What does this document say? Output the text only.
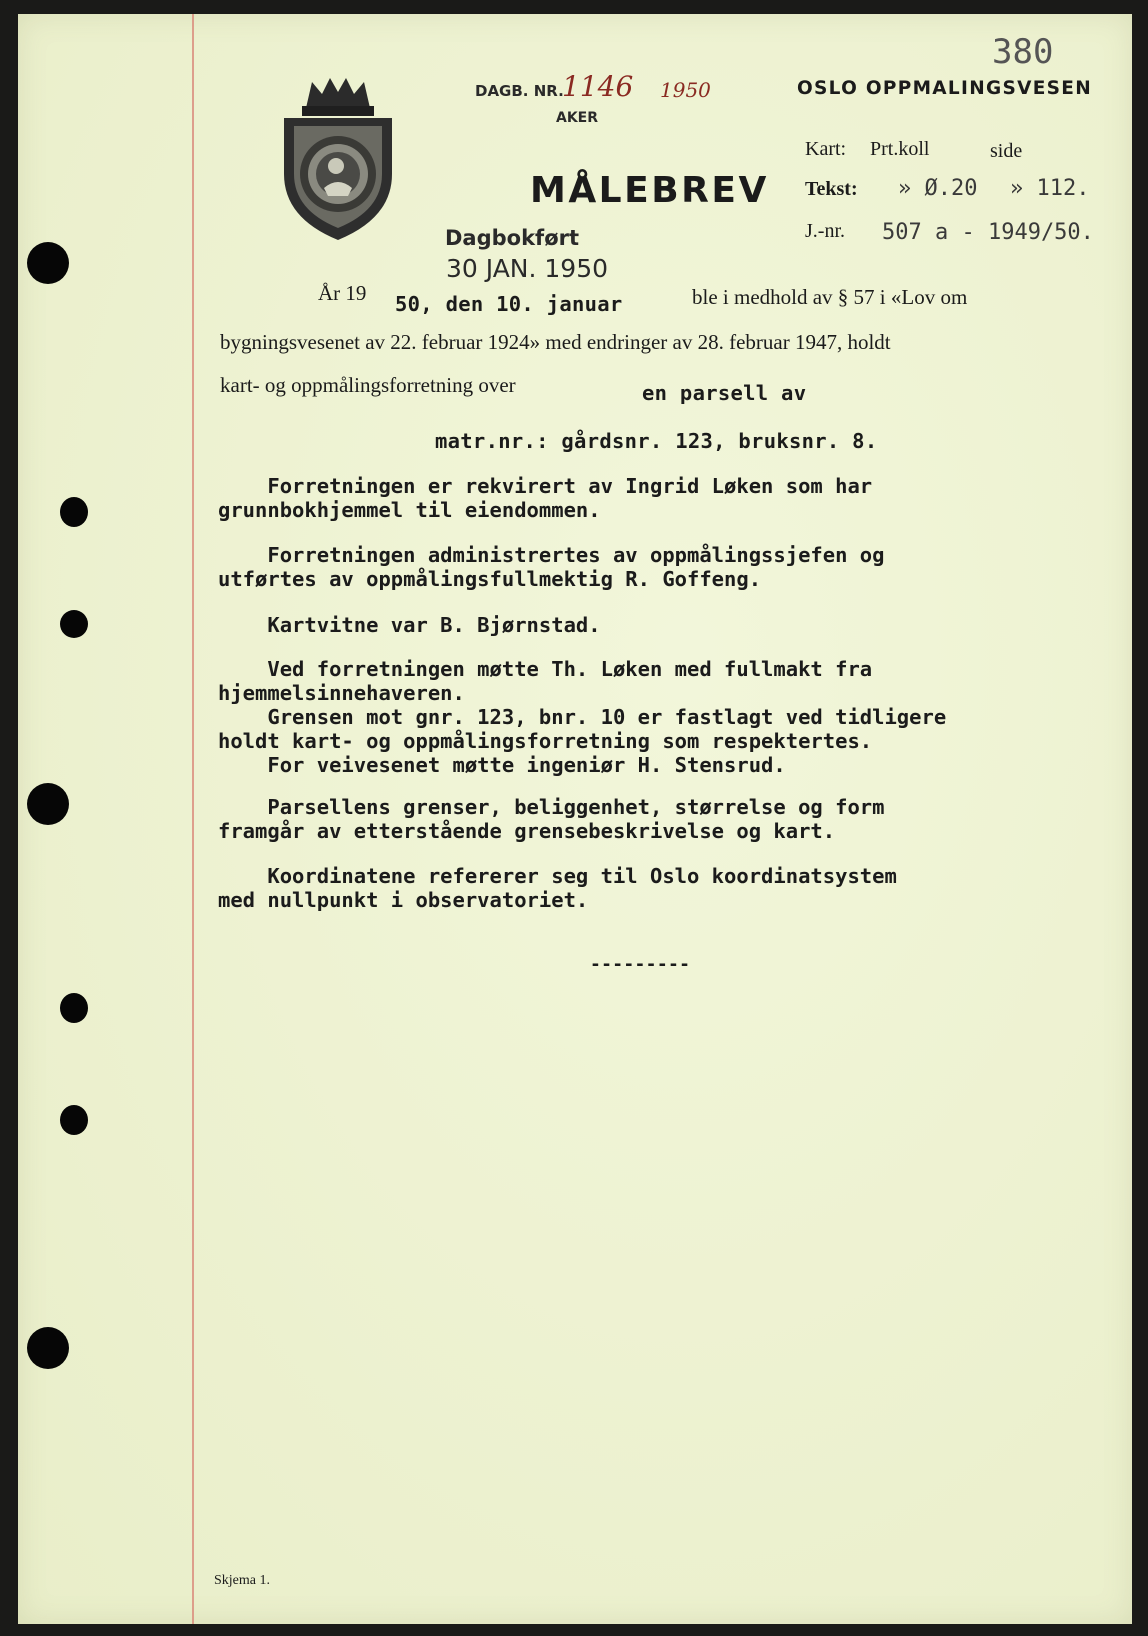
DAGB. NR.
1146 1950
AKER
380
OSLO OPPMALINGSVESEN
MÅLEBREV
Dagbokført
30 JAN. 1950
Kart: Prt.koll	side
Tekst: » Ø.20 » 112.
J.-nr. 507 a - 1949/50.
År 19 50, den 10. januar	ble i medhold av § 57 i «Lov om
bygningsvesenet av 22. februar 1924» med endringer av 28. februar 1947, holdt
kart- og oppmålingsforretning over	en parsell av
matr.nr.: gårdsnr. 123, bruksnr. 8.
Forretningen er rekvirert av Ingrid Løken som har
grunnbokhjemmel til eiendommen.
Forretningen administrertes av oppmålingssjefen og
utførtes av oppmålingsfullmektig R. Goffeng.
Kartvitne var B. Bjørnstad.
Ved forretningen møtte Th. Løken med fullmakt fra
hjemmelsinnehaveren.
Grensen mot gnr. 123, bnr. 10 er fastlagt ved tidligere
holdt kart- og oppmålingsforretning som respektertes.
For veivesenet møtte ingeniør H. Stensrud.
Parsellens grenser, beliggenhet, størrelse og form
framgår av etterstående grensebeskrivelse og kart.
Koordinatene refererer seg til Oslo koordinatsystem
med nullpunkt i observatoriet.
---------
Skjema 1.
